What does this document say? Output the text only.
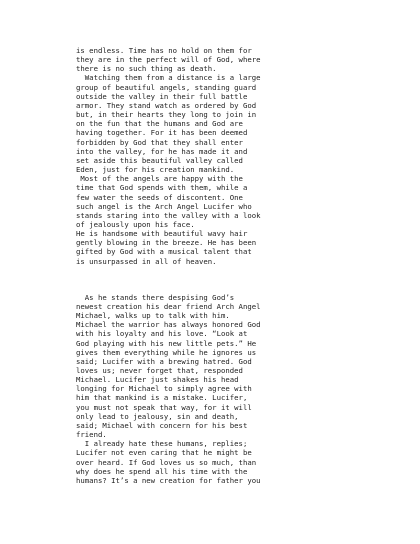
is endless. Time has no hold on them for

they are in the perfect will of God, where

there is no such thing as death.

Watching them from a distance is a large

group of beautiful angels, standing guard

outside the valley in their full battle

armor. They stand watch as ordered by God

but, in their hearts they long to join in

on the fun that the humans and God are

having together. For it has been deemed

forbidden by God that they shall enter

into the valley, for he has made it and

set aside this beautiful valley called

Eden, just for his creation mankind.

Most of the angels are happy with the

time that God spends with them, while a

few water the seeds of discontent. One

such angel is the Arch Angel Lucifer who

stands staring into the valley with a look

of jealously upon his face.

He is handsome with beautiful wavy hair

gently blowing in the breeze. He has been

gifted by God with a musical talent that

is unsurpassed in all of heaven.

As he stands there despising God’s

newest creation his dear friend Arch Angel

Michael, walks up to talk with him.

Michael the warrior has always honored God

with his loyalty and his love. “Look at

God playing with his new little pets.” He

gives them everything while he ignores us

said; Lucifer with a brewing hatred. God

loves us; never forget that, responded

Michael. Lucifer just shakes his head

longing for Michael to simply agree with

him that mankind is a mistake. Lucifer,

you must not speak that way, for it will

only lead to jealousy, sin and death,

said; Michael with concern for his best

friend.

I already hate these humans, replies;

Lucifer not even caring that he might be

over heard. If God loves us so much, than

why does he spend all his time with the

humans? It’s a new creation for father you
